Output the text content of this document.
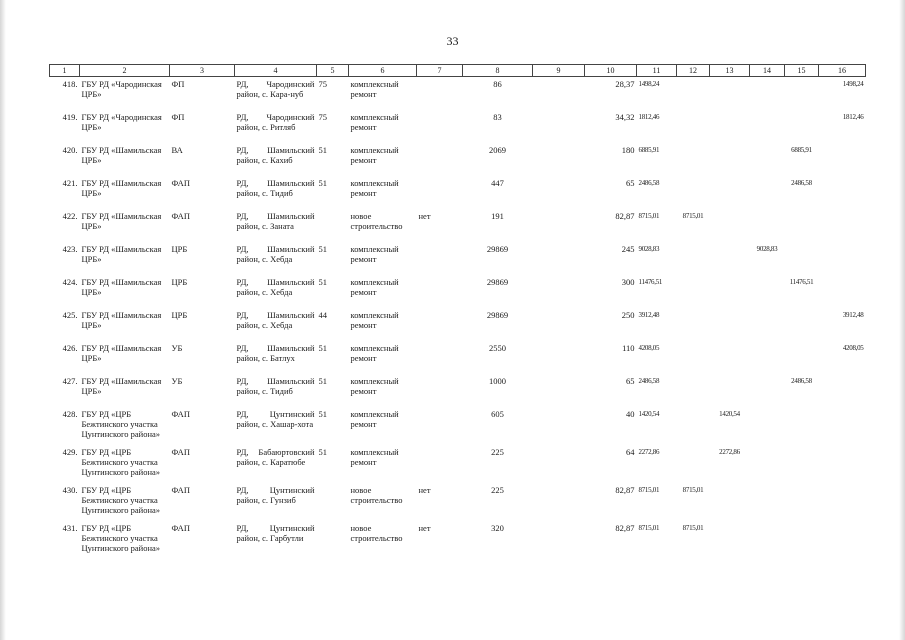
33
1	2	3	4	5	6	7	8	9	10	11	12	13	14	15	16
418.	ГБУ РД «Чародинская ЦРБ»	ФП	РД, Чародинский район, с. Кара-нуб	75	комплексный ремонт		86		28,37	1498,24					1498,24
419.	ГБУ РД «Чародинская ЦРБ»	ФП	РД, Чародинский район, с. Ритляб	75	комплексный ремонт		83		34,32	1812,46					1812,46
420.	ГБУ РД «Шамильская ЦРБ»	ВА	РД, Шамильский район, с. Кахиб	51	комплексный ремонт		2069		180	6885,91				6885,91	
421.	ГБУ РД «Шамильская ЦРБ»	ФАП	РД, Шамильский район, с. Тидиб	51	комплексный ремонт		447		65	2486,58				2486,58	
422.	ГБУ РД «Шамильская ЦРБ»	ФАП	РД, Шамильский район, с. Заната		новое строительство	нет	191		82,87	8715,01	8715,01				
423.	ГБУ РД «Шамильская ЦРБ»	ЦРБ	РД, Шамильский район, с. Хебда	51	комплексный ремонт		29869		245	9028,83			9028,83		
424.	ГБУ РД «Шамильская ЦРБ»	ЦРБ	РД, Шамильский район, с. Хебда	51	комплексный ремонт		29869		300	11476,51				11476,51	
425.	ГБУ РД «Шамильская ЦРБ»	ЦРБ	РД, Шамильский район, с. Хебда	44	комплексный ремонт		29869		250	3912,48					3912,48
426.	ГБУ РД «Шамильская ЦРБ»	УБ	РД, Шамильский район, с. Батлух	51	комплексный ремонт		2550		110	4208,05					4208,05
427.	ГБУ РД «Шамильская ЦРБ»	УБ	РД, Шамильский район, с. Тидиб	51	комплексный ремонт		1000		65	2486,58				2486,58	
428.	ГБУ РД «ЦРБ Бежтинского участка Цунтинского района»	ФАП	РД, Цунтинский район, с. Хашар-хота	51	комплексный ремонт		605		40	1420,54		1420,54			
429.	ГБУ РД «ЦРБ Бежтинского участка Цунтинского района»	ФАП	РД, Бабаюртовский район, с. Каратюбе	51	комплексный ремонт		225		64	2272,86		2272,86			
430.	ГБУ РД «ЦРБ Бежтинского участка Цунтинского района»	ФАП	РД, Цунтинский район, с. Гунзиб		новое строительство	нет	225		82,87	8715,01	8715,01				
431.	ГБУ РД «ЦРБ Бежтинского участка Цунтинского района»	ФАП	РД, Цунтинский район, с. Гарбутли		новое строительство	нет	320		82,87	8715,01	8715,01				
